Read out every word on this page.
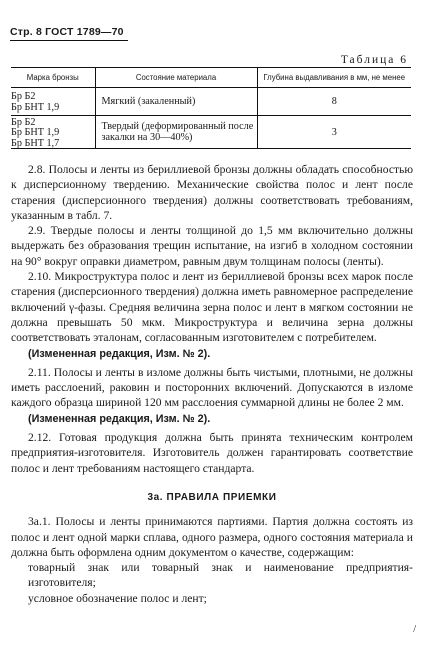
Стр. 8 ГОСТ 1789—70
Таблица 6
Марка бронзы	Состояние материала	Глубина выдавливания в мм, не менее

Бр Б2
Бр БНТ 1,9	Мягкий (закаленный)	8

Бр Б2
Бр БНТ 1,9
Бр БНТ 1,7	Твердый (деформированный после закалки на 30—40%)	3

2.8. Полосы и ленты из бериллиевой бронзы должны обладать способностью к дисперсионному твердению. Механические свойства полос и лент после старения (дисперсионного твердения) должны соответствовать требованиям, указанным в табл. 7.

2.9. Твердые полосы и ленты толщиной до 1,5 мм включительно должны выдержать без образования трещин испытание, на изгиб в холодном состоянии на 90° вокруг оправки диаметром, равным двум толщинам полосы (ленты).

2.10. Микроструктура полос и лент из бериллиевой бронзы всех марок после старения (дисперсионного твердения) должна иметь равномерное распределение включений γ-фазы. Средняя величина зерна полос и лент в мягком состоянии не должна превышать 50 мкм. Микроструктура и величина зерна должны соответствовать эталонам, согласованным изготовителем с потребителем.

(Измененная редакция, Изм. № 2).

2.11. Полосы и ленты в изломе должны быть чистыми, плотными, не должны иметь расслоений, раковин и посторонних включений. Допускаются в изломе каждого образца шириной 120 мм расслоения суммарной длины не более 2 мм.

(Измененная редакция, Изм. № 2).

2.12. Готовая продукция должна быть принята техническим контролем предприятия-изготовителя. Изготовитель должен гарантировать соответствие полос и лент требованиям настоящего стандарта.

3а. ПРАВИЛА ПРИЕМКИ

3а.1. Полосы и ленты принимаются партиями. Партия должна состоять из полос и лент одной марки сплава, одного размера, одного состояния материала и должна быть оформлена одним документом о качестве, содержащим:

товарный знак или товарный знак и наименование предприятия-изготовителя;

условное обозначение полос и лент;

/
